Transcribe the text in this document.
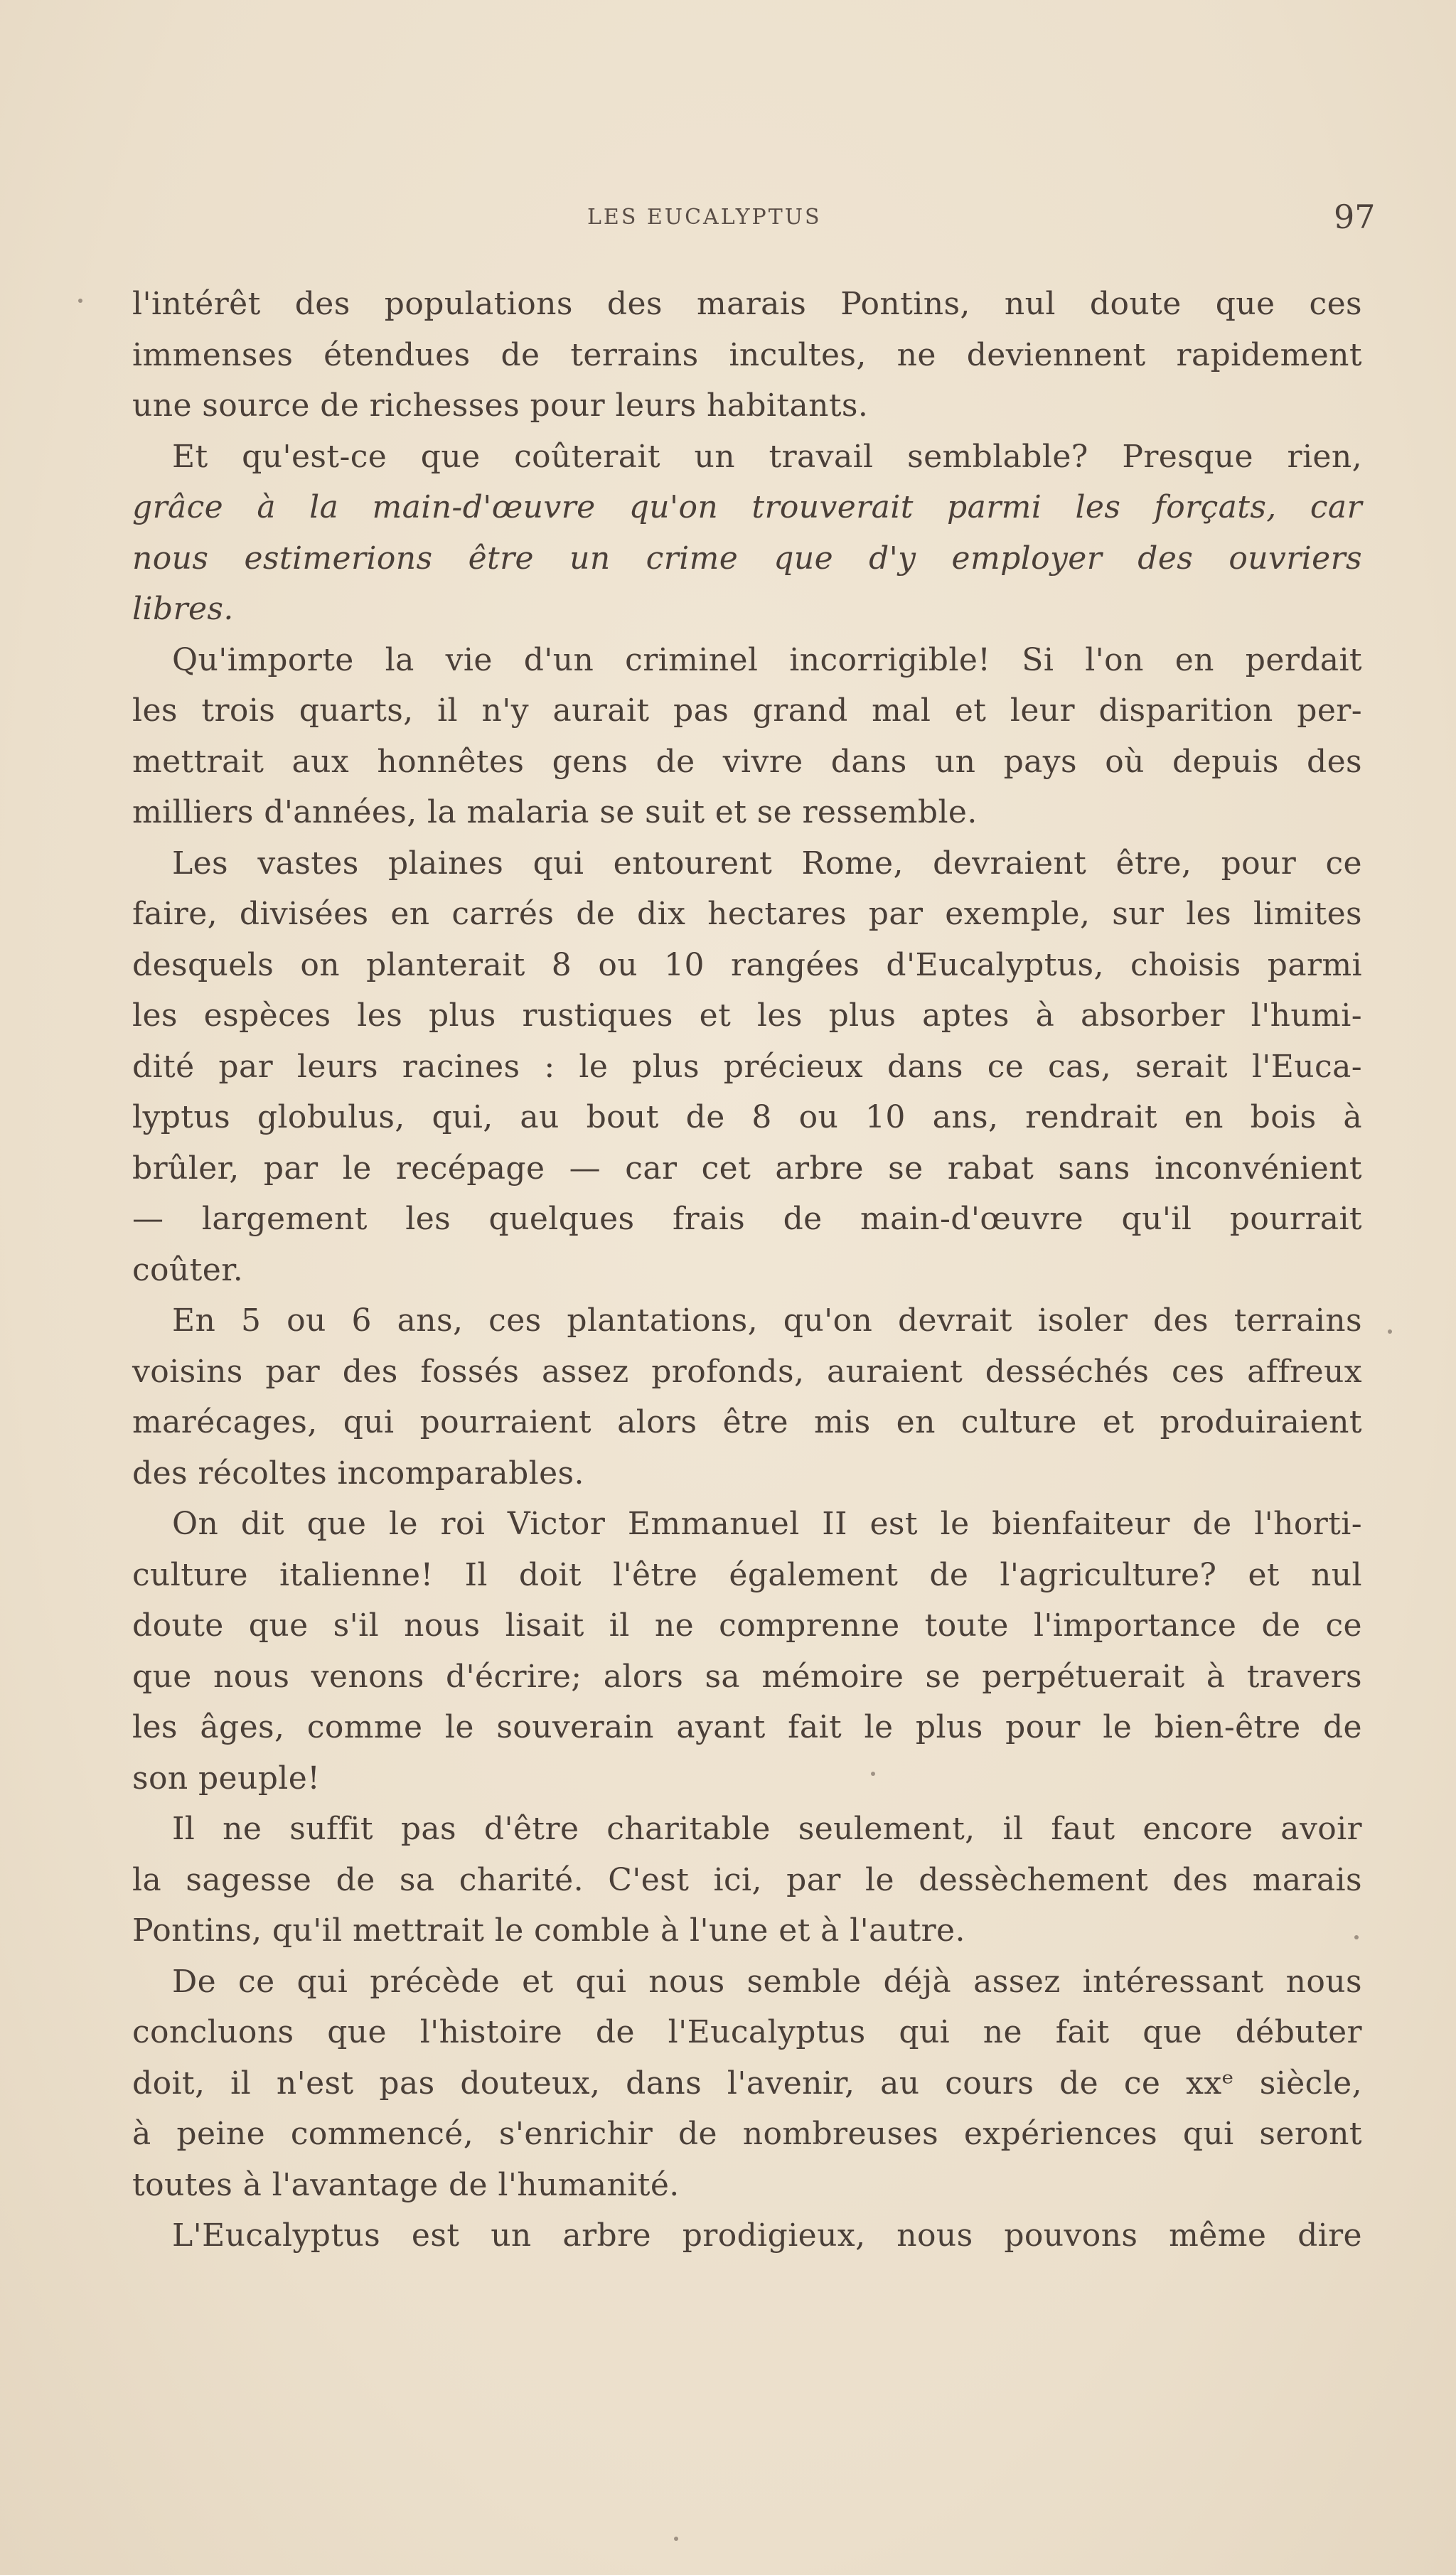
LES EUCALYPTUS	97
l'intérêt des populations des marais Pontins, nul doute que ces
immenses étendues de terrains incultes, ne deviennent rapidement
une source de richesses pour leurs habitants.
Et qu'est-ce que coûterait un travail semblable? Presque rien,
grâce à la main-d'œuvre qu'on trouverait parmi les forçats, car
nous estimerions être un crime que d'y employer des ouvriers
libres.
Qu'importe la vie d'un criminel incorrigible! Si l'on en perdait
les trois quarts, il n'y aurait pas grand mal et leur disparition per-
mettrait aux honnêtes gens de vivre dans un pays où depuis des
milliers d'années, la malaria se suit et se ressemble.
Les vastes plaines qui entourent Rome, devraient être, pour ce
faire, divisées en carrés de dix hectares par exemple, sur les limites
desquels on planterait 8 ou 10 rangées d'Eucalyptus, choisis parmi
les espèces les plus rustiques et les plus aptes à absorber l'humi-
dité par leurs racines : le plus précieux dans ce cas, serait l'Euca-
lyptus globulus, qui, au bout de 8 ou 10 ans, rendrait en bois à
brûler, par le recépage — car cet arbre se rabat sans inconvénient
— largement les quelques frais de main-d'œuvre qu'il pourrait
coûter.
En 5 ou 6 ans, ces plantations, qu'on devrait isoler des terrains
voisins par des fossés assez profonds, auraient desséchés ces affreux
marécages, qui pourraient alors être mis en culture et produiraient
des récoltes incomparables.
On dit que le roi Victor Emmanuel II est le bienfaiteur de l'horti-
culture italienne! Il doit l'être également de l'agriculture? et nul
doute que s'il nous lisait il ne comprenne toute l'importance de ce
que nous venons d'écrire; alors sa mémoire se perpétuerait à travers
les âges, comme le souverain ayant fait le plus pour le bien-être de
son peuple!
Il ne suffit pas d'être charitable seulement, il faut encore avoir
la sagesse de sa charité. C'est ici, par le dessèchement des marais
Pontins, qu'il mettrait le comble à l'une et à l'autre.
De ce qui précède et qui nous semble déjà assez intéressant nous
concluons que l'histoire de l'Eucalyptus qui ne fait que débuter
doit, il n'est pas douteux, dans l'avenir, au cours de ce xxᵉ siècle,
à peine commencé, s'enrichir de nombreuses expériences qui seront
toutes à l'avantage de l'humanité.
L'Eucalyptus est un arbre prodigieux, nous pouvons même dire
